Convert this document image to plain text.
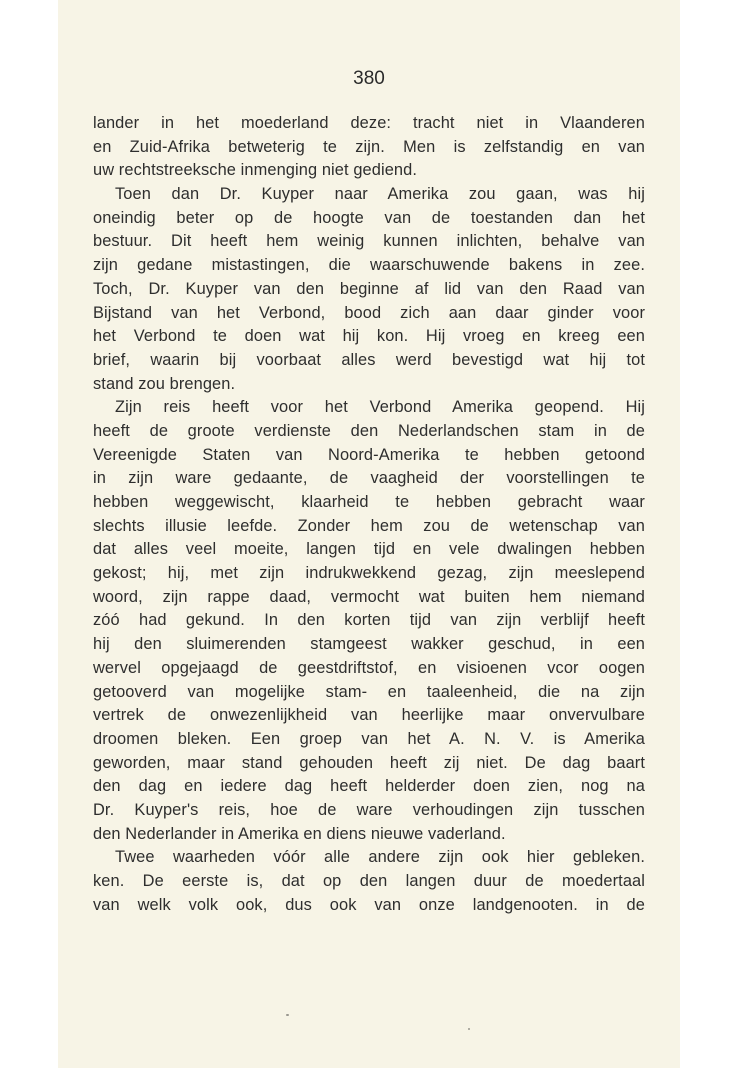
380
lander in het moederland deze: tracht niet in Vlaanderen
en Zuid-Afrika betweterig te zijn. Men is zelfstandig en van
uw rechtstreeksche inmenging niet gediend.
Toen dan Dr. Kuyper naar Amerika zou gaan, was hij
oneindig beter op de hoogte van de toestanden dan het
bestuur. Dit heeft hem weinig kunnen inlichten, behalve van
zijn gedane mistastingen, die waarschuwende bakens in zee.
Toch, Dr. Kuyper van den beginne af lid van den Raad van
Bijstand van het Verbond, bood zich aan daar ginder voor
het Verbond te doen wat hij kon. Hij vroeg en kreeg een
brief, waarin bij voorbaat alles werd bevestigd wat hij tot
stand zou brengen.
Zijn reis heeft voor het Verbond Amerika geopend. Hij
heeft de groote verdienste den Nederlandschen stam in de
Vereenigde Staten van Noord-Amerika te hebben getoond
in zijn ware gedaante, de vaagheid der voorstellingen te
hebben weggewischt, klaarheid te hebben gebracht waar
slechts illusie leefde. Zonder hem zou de wetenschap van
dat alles veel moeite, langen tijd en vele dwalingen hebben
gekost; hij, met zijn indrukwekkend gezag, zijn meeslepend
woord, zijn rappe daad, vermocht wat buiten hem niemand
zóó had gekund. In den korten tijd van zijn verblijf heeft
hij den sluimerenden stamgeest wakker geschud, in een
wervel opgejaagd de geestdriftstof, en visioenen vcor oogen
getooverd van mogelijke stam- en taaleenheid, die na zijn
vertrek de onwezenlijkheid van heerlijke maar onvervulbare
droomen bleken. Een groep van het A. N. V. is Amerika
geworden, maar stand gehouden heeft zij niet. De dag baart
den dag en iedere dag heeft helderder doen zien, nog na
Dr. Kuyper's reis, hoe de ware verhoudingen zijn tusschen
den Nederlander in Amerika en diens nieuwe vaderland.
Twee waarheden vóór alle andere zijn ook hier gebleken.
ken. De eerste is, dat op den langen duur de moedertaal
van welk volk ook, dus ook van onze landgenooten. in de
